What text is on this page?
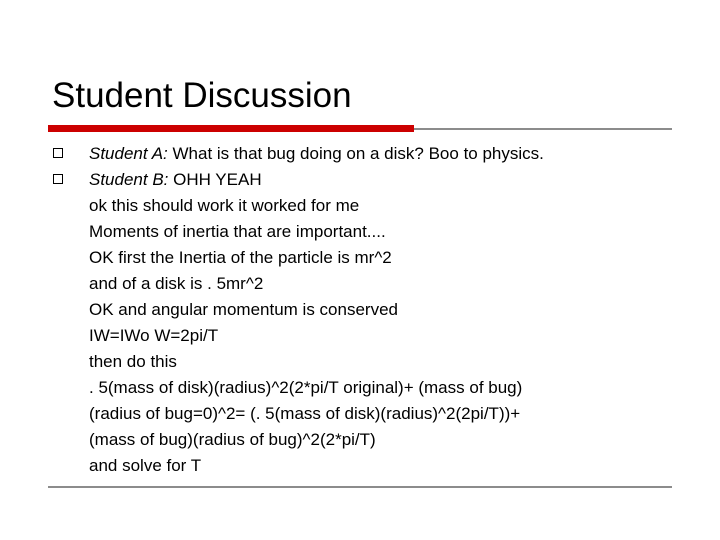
Student Discussion
Student A: What is that bug doing on a disk? Boo to physics.
Student B: OHH YEAH
ok this should work it worked for me
Moments of inertia that are important....
OK first the Inertia of the particle is mr^2
and of a disk is . 5mr^2
OK and angular momentum is conserved
IW=IWo W=2pi/T
then do this
. 5(mass of disk)(radius)^2(2*pi/T original)+ (mass of bug)
(radius of bug=0)^2= (. 5(mass of disk)(radius)^2(2pi/T))+
(mass of bug)(radius of bug)^2(2*pi/T)
and solve for T
